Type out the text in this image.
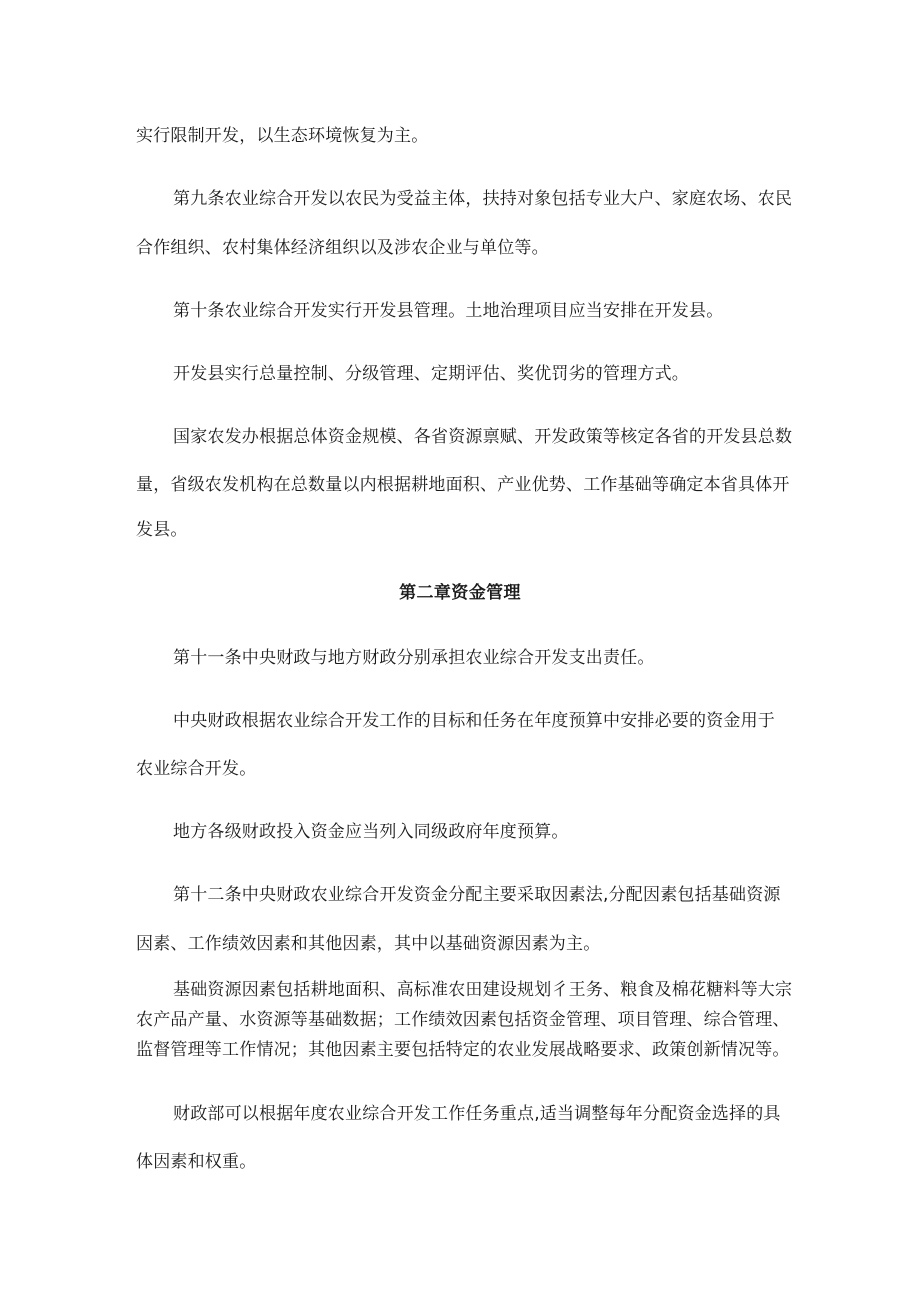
实行限制开发，以生态环境恢复为主。
第九条农业综合开发以农民为受益主体，扶持对象包括专业大户、家庭农场、农民
合作组织、农村集体经济组织以及涉农企业与单位等。
第十条农业综合开发实行开发县管理。土地治理项目应当安排在开发县。
开发县实行总量控制、分级管理、定期评估、奖优罚劣的管理方式。
国家农发办根据总体资金规模、各省资源禀赋、开发政策等核定各省的开发县总数
量，省级农发机构在总数量以内根据耕地面积、产业优势、工作基础等确定本省具体开
发县。
第二章资金管理
第十一条中央财政与地方财政分别承担农业综合开发支出责任。
中央财政根据农业综合开发工作的目标和任务在年度预算中安排必要的资金用于
农业综合开发。
地方各级财政投入资金应当列入同级政府年度预算。
第十二条中央财政农业综合开发资金分配主要采取因素法,分配因素包括基础资源
因素、工作绩效因素和其他因素，其中以基础资源因素为主。
基础资源因素包括耕地面积、高标准农田建设规划彳王务、粮食及棉花糖料等大宗
农产品产量、水资源等基础数据；工作绩效因素包括资金管理、项目管理、综合管理、
监督管理等工作情况；其他因素主要包括特定的农业发展战略要求、政策创新情况等。
财政部可以根据年度农业综合开发工作任务重点,适当调整每年分配资金选择的具
体因素和权重。
